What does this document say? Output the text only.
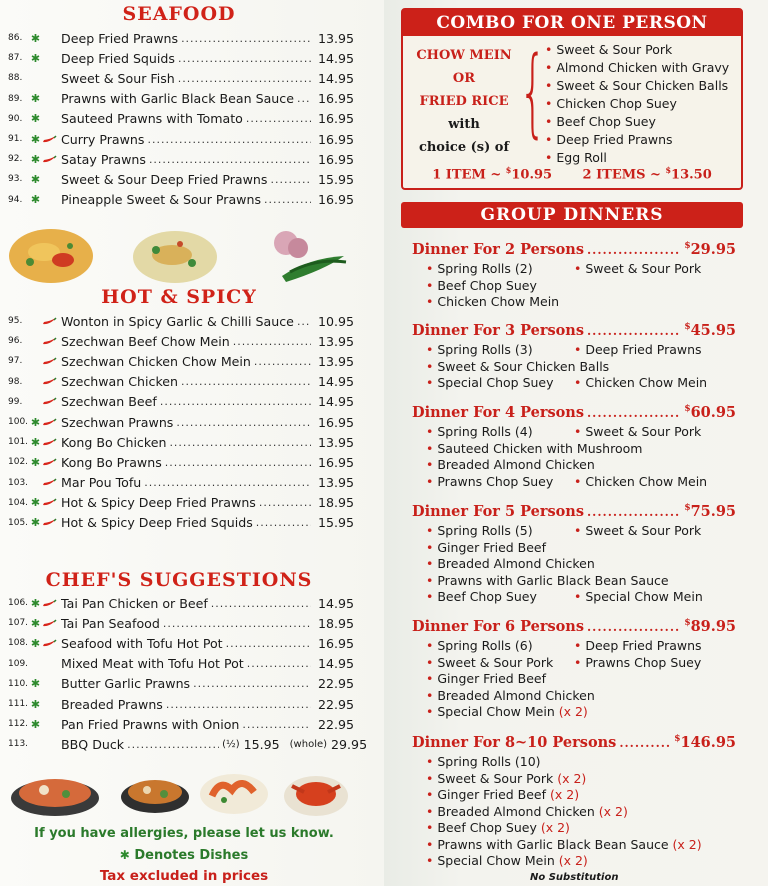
SEAFOOD
86. ✱ Deep Fried Prawns .....	13.95
87. ✱ Deep Fried Squids .....	14.95
88.	Sweet & Sour Fish .....	14.95
89. ✱ Prawns with Garlic Black Bean Sauce .....	16.95
90. ✱ Sauteed Prawns with Tomato .....	16.95
91. ✱ Curry Prawns .....	16.95
92. ✱ Satay Prawns .....	16.95
93. ✱ Sweet & Sour Deep Fried Prawns .....	15.95
94. ✱ Pineapple Sweet & Sour Prawns .....	16.95
HOT & SPICY
95.	Wonton in Spicy Garlic & Chilli Sauce .....	10.95
96.	Szechwan Beef Chow Mein .....	13.95
97.	Szechwan Chicken Chow Mein .....	13.95
98.	Szechwan Chicken .....	14.95
99.	Szechwan Beef .....	14.95
100. ✱ Szechwan Prawns .....	16.95
101. ✱ Kong Bo Chicken .....	13.95
102. ✱ Kong Bo Prawns .....	16.95
103.	Mar Pou Tofu .....	13.95
104. ✱ Hot & Spicy Deep Fried Prawns .....	18.95
105. ✱ Hot & Spicy Deep Fried Squids .....	15.95
CHEF'S SUGGESTIONS
106. ✱ Tai Pan Chicken or Beef .....	14.95
107. ✱ Tai Pan Seafood .....	18.95
108. ✱ Seafood with Tofu Hot Pot .....	16.95
109.	Mixed Meat with Tofu Hot Pot .....	14.95
110. ✱ Butter Garlic Prawns .....	22.95
111. ✱ Breaded Prawns .....	22.95
112. ✱ Pan Fried Prawns with Onion .....	22.95
113.	BBQ Duck .....	(½) 15.95 (whole) 29.95
If you have allergies, please let us know.
✱ Denotes Dishes
Tax excluded in prices
COMBO FOR ONE PERSON
CHOW MEIN
OR
FRIED RICE
with
choice (s) of { • Sweet & Sour Pork
• Almond Chicken with Gravy
• Sweet & Sour Chicken Balls
• Chicken Chop Suey
• Beef Chop Suey
• Deep Fried Prawns
• Egg Roll
1 ITEM ~ $10.95 2 ITEMS ~ $13.50
GROUP DINNERS
Dinner For 2 Persons .....	$29.95
• Spring Rolls (2)	• Sweet & Sour Pork
• Beef Chop Suey
• Chicken Chow Mein
Dinner For 3 Persons .....	$45.95
• Spring Rolls (3)	• Deep Fried Prawns
• Sweet & Sour Chicken Balls
• Special Chop Suey	• Chicken Chow Mein
Dinner For 4 Persons .....	$60.95
• Spring Rolls (4)	• Sweet & Sour Pork
• Sauteed Chicken with Mushroom
• Breaded Almond Chicken
• Prawns Chop Suey	• Chicken Chow Mein
Dinner For 5 Persons .....	$75.95
• Spring Rolls (5)	• Sweet & Sour Pork
• Ginger Fried Beef
• Breaded Almond Chicken
• Prawns with Garlic Black Bean Sauce
• Beef Chop Suey	• Special Chow Mein
Dinner For 6 Persons .....	$89.95
• Spring Rolls (6)	• Deep Fried Prawns
• Sweet & Sour Pork	• Prawns Chop Suey
• Ginger Fried Beef
• Breaded Almond Chicken
• Special Chow Mein (x 2)
Dinner For 8~10 Persons .....	$146.95
• Spring Rolls (10)
• Sweet & Sour Pork (x 2)
• Ginger Fried Beef (x 2)
• Breaded Almond Chicken (x 2)
• Beef Chop Suey (x 2)
• Prawns with Garlic Black Bean Sauce (x 2)
• Special Chow Mein (x 2)
No Substitution
